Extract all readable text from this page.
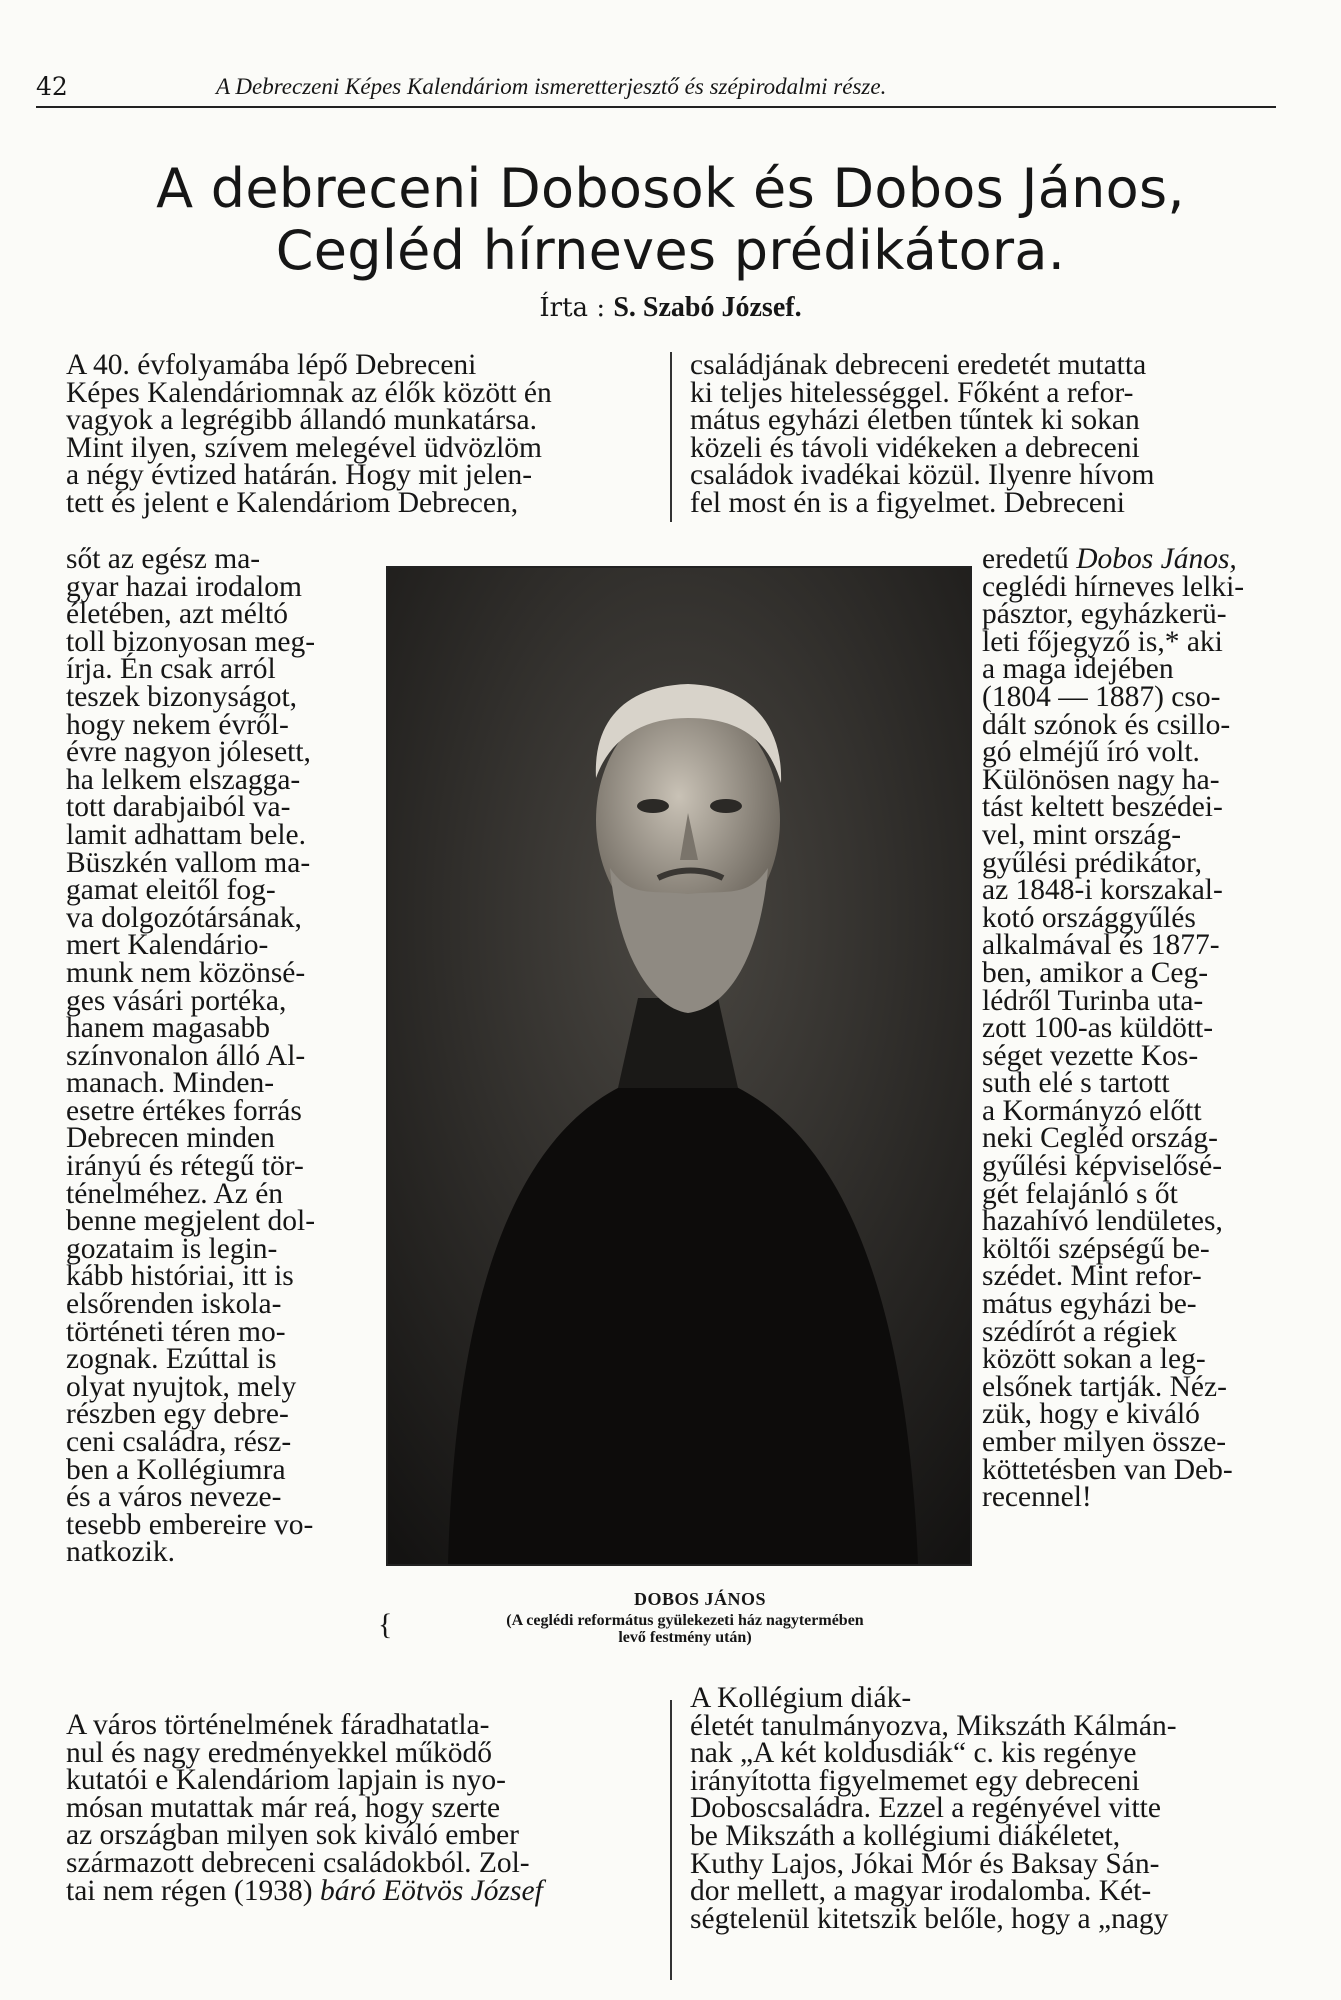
42	A Debreczeni Képes Kalendáriom ismeretterjesztő és szépirodalmi része.
A debreceni Dobosok és Dobos János,
Cegléd hírneves prédikátora.
Írta : S. Szabó József.

A 40. évfolyamába lépő Debreceni
Képes Kalendáriomnak az élők között én
vagyok a legrégibb állandó munkatársa.
Mint ilyen, szívem melegével üdvözlöm
a négy évtized határán. Hogy mit jelen-
tett és jelent e Kalendáriom Debrecen,

sőt az egész ma-
gyar hazai irodalom
életében, azt méltó
toll bizonyosan meg-
írja. Én csak arról
teszek bizonyságot,
hogy nekem évről-
évre nagyon jólesett,
ha lelkem elszagga-
tott darabjaiból va-
lamit adhattam bele.
Büszkén vallom ma-
gamat eleitől fog-
va dolgozótársának,
mert Kalendário-
munk nem közönsé-
ges vásári portéka,
hanem magasabb
színvonalon álló Al-
manach. Minden-
esetre értékes forrás
Debrecen minden
irányú és rétegű tör-
ténelméhez. Az én
benne megjelent dol-
gozataim is legin-
kább históriai, itt is
elsőrenden iskola-
történeti téren mo-
zognak. Ezúttal is
olyat nyujtok, mely
részben egy debre-
ceni családra, rész-
ben a Kollégiumra
és a város neveze-
tesebb embereire vo-
natkozik.

A város történelmének fáradhatatla-
nul és nagy eredményekkel működő
kutatói e Kalendáriom lapjain is nyo-
mósan mutattak már reá, hogy szerte
az országban milyen sok kiváló ember
származott debreceni családokból. Zol-
tai nem régen (1938) báró Eötvös József

családjának debreceni eredetét mutatta
ki teljes hitelességgel. Főként a refor-
mátus egyházi életben tűntek ki sokan
közeli és távoli vidékeken a debreceni
családok ivadékai közül. Ilyenre hívom
fel most én is a figyelmet. Debreceni

eredetű Dobos János,
ceglédi hírneves lelki-
pásztor, egyházkerü-
leti főjegyző is,* aki
a maga idejében
(1804 — 1887) cso-
dált szónok és csillo-
gó elméjű író volt.
Különösen nagy ha-
tást keltett beszédei-
vel, mint ország-
gyűlési prédikátor,
az 1848-i korszakal-
kotó országgyűlés
alkalmával és 1877-
ben, amikor a Ceg-
lédről Turinba uta-
zott 100-as küldött-
séget vezette Kos-
suth elé s tartott
a Kormányzó előtt
neki Cegléd ország-
gyűlési képviselősé-
gét felajánló s őt
hazahívó lendületes,
költői szépségű be-
szédet. Mint refor-
mátus egyházi be-
szédírót a régiek
között sokan a leg-
elsőnek tartják. Néz-
zük, hogy e kiváló
ember milyen össze-
köttetésben van Deb-
recennel!

A Kollégium diák-
életét tanulmányozva, Mikszáth Kálmán-
nak „A két koldusdiák“ c. kis regénye
irányította figyelmemet egy debreceni
Doboscsaládra. Ezzel a regényével vitte
be Mikszáth a kollégiumi diákéletet,
Kuthy Lajos, Jókai Mór és Baksay Sán-
dor mellett, a magyar irodalomba. Két-
ségtelenül kitetszik belőle, hogy a „nagy

DOBOS JÁNOS
{	(A ceglédi református gyülekezeti ház nagytermében
levő festmény után)
